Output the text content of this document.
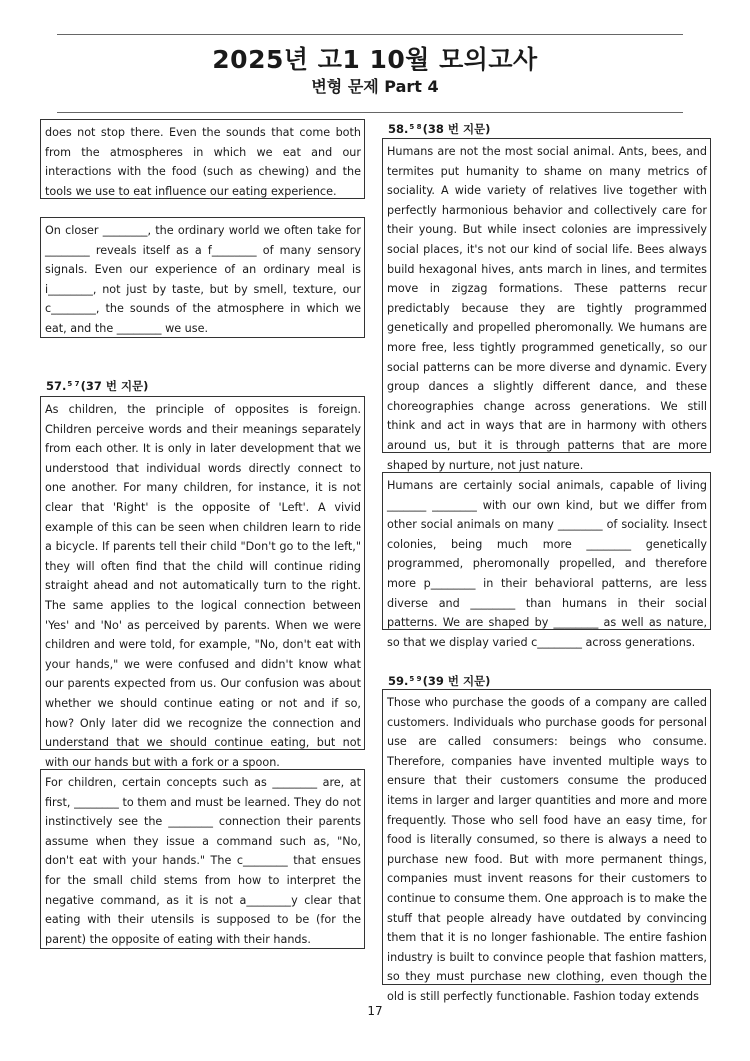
2025년 고1 10월 모의고사
변형 문제 Part 4

does not stop there. Even the sounds that come both from the atmospheres in which we eat and our interactions with the food (such as chewing) and the tools we use to eat influence our eating experience.

On closer ________, the ordinary world we often take for ________ reveals itself as a f________ of many sensory signals. Even our experience of an ordinary meal is i________, not just by taste, but by smell, texture, our c________, the sounds of the atmosphere in which we eat, and the ________ we use.

57.$^{5 7}$(37 번 지문)

As children, the principle of opposites is foreign. Children perceive words and their meanings separately from each other. It is only in later development that we understood that individual words directly connect to one another. For many children, for instance, it is not clear that 'Right' is the opposite of 'Left'. A vivid example of this can be seen when children learn to ride a bicycle. If parents tell their child "Don't go to the left," they will often find that the child will continue riding straight ahead and not automatically turn to the right. The same applies to the logical connection between 'Yes' and 'No' as perceived by parents. When we were children and were told, for example, "No, don't eat with your hands," we were confused and didn't know what our parents expected from us. Our confusion was about whether we should continue eating or not and if so, how? Only later did we recognize the connection and understand that we should continue eating, but not with our hands but with a fork or a spoon.

For children, certain concepts such as ________ are, at first, ________ to them and must be learned. They do not instinctively see the ________ connection their parents assume when they issue a command such as, "No, don't eat with your hands." The c________ that ensues for the small child stems from how to interpret the negative command, as it is not a________y clear that eating with their utensils is supposed to be (for the parent) the opposite of eating with their hands.

58.$^{5 8}$(38 번 지문)

Humans are not the most social animal. Ants, bees, and termites put humanity to shame on many metrics of sociality. A wide variety of relatives live together with perfectly harmonious behavior and collectively care for their young. But while insect colonies are impressively social places, it's not our kind of social life. Bees always build hexagonal hives, ants march in lines, and termites move in zigzag formations. These patterns recur predictably because they are tightly programmed genetically and propelled pheromonally. We humans are more free, less tightly programmed genetically, so our social patterns can be more diverse and dynamic. Every group dances a slightly different dance, and these choreographies change across generations. We still think and act in ways that are in harmony with others around us, but it is through patterns that are more shaped by nurture, not just nature.

Humans are certainly social animals, capable of living _______ ________ with our own kind, but we differ from other social animals on many ________ of sociality. Insect colonies, being much more ________ genetically programmed, pheromonally propelled, and therefore more p________ in their behavioral patterns, are less diverse and ________ than humans in their social patterns. We are shaped by ________ as well as nature, so that we display varied c________ across generations.

59.$^{5 9}$(39 번 지문)

Those who purchase the goods of a company are called customers. Individuals who purchase goods for personal use are called consumers: beings who consume. Therefore, companies have invented multiple ways to ensure that their customers consume the produced items in larger and larger quantities and more and more frequently. Those who sell food have an easy time, for food is literally consumed, so there is always a need to purchase new food. But with more permanent things, companies must invent reasons for their customers to continue to consume them. One approach is to make the stuff that people already have outdated by convincing them that it is no longer fashionable. The entire fashion industry is built to convince people that fashion matters, so they must purchase new clothing, even though the old is still perfectly functionable. Fashion today extends

17
